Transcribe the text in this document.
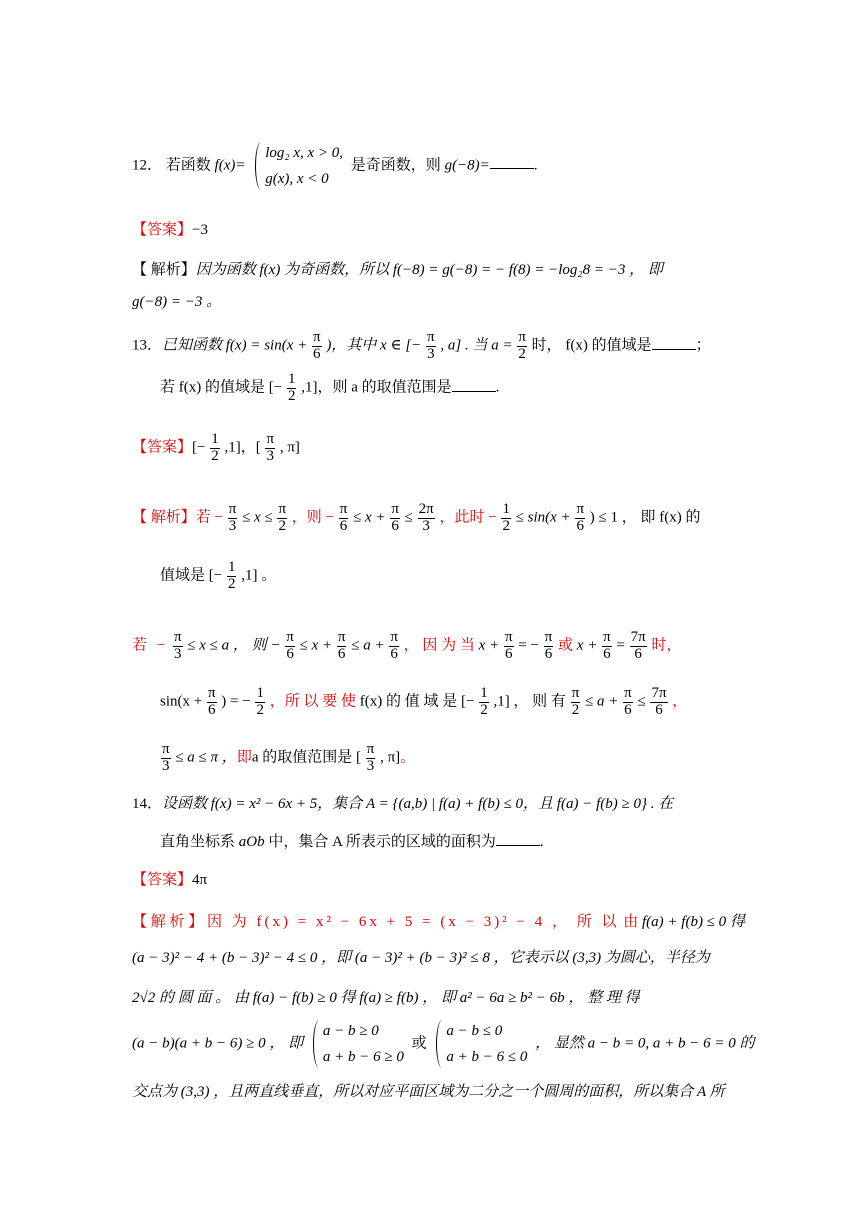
12． 若函数 f(x)=
log₂ x, x > 0,
g(x), x < 0
是奇函数，则 g(−8)=	.
【答案】−3
【 解析】因为函数 f(x) 为奇函数，所以 f(−8) = g(−8) = − f(8) = −log₂8 = −3 ， 即
g(−8) = −3 。
13．已知函数 $f(x) = \sin(x + \frac{\pi}{6}$ )，其中 x ∈ [− $\frac{\pi}{3}$ , a] . 当 $a = \frac{\pi}{2}$ 时， f(x) 的值域是	；
若 f(x) 的值域是 [− $\frac{1}{2} ,1$]，则 a 的取值范围是	.
【答案】[− $\frac{1}{2} ,1$]，[ $\frac{\pi}{3}$ , π]
【 解析】若 − $\frac{\pi}{3} \le x \le \frac{\pi}{2}$ ，则 − $\frac{\pi}{6} \le x + \frac{\pi}{6} \le \frac{2\pi}{3}$ ，此时 − $\frac{1}{2} \le \sin(x + \frac{\pi}{6}$ ) ≤ 1 ， 即 f(x) 的
值域是 [− $\frac{1}{2} ,1$] 。
若 − $\frac{\pi}{3} \le x \le a$ ， 则 − $\frac{\pi}{6} \le x + \frac{\pi}{6} \le a + \frac{\pi}{6}$ ， 因 为 当 $x + \frac{\pi}{6}$ = − $\frac{\pi}{6}$ 或 $x + \frac{\pi}{6} = \frac{7\pi}{6}$ 时，
$\sin(x + \frac{\pi}{6}$ ) = − $\frac{1}{2}$ ，所 以 要 使 f(x) 的 值 域 是 [− $\frac{1}{2} ,1$] ， 则 有 $\frac{\pi}{2} \le a + \frac{\pi}{6} \le \frac{7\pi}{6}$ ，
$\frac{\pi}{3} \le a \le \pi$ ，即a 的取值范围是 [ $\frac{\pi}{3}$ , π]。
14．设函数 f(x) = x² − 6x + 5，集合 A = {(a,b) | f(a) + f(b) ≤ 0，且 f(a) − f(b) ≥ 0} . 在
直角坐标系 aOb 中，集合 A 所表示的区域的面积为	.
【答案】4π
【 解 析 】 因 为 f(x) = x² − 6x + 5 = (x − 3)² − 4 ， 所 以 由 f(a) + f(b) ≤ 0 得
(a − 3)² − 4 + (b − 3)² − 4 ≤ 0 ，即 (a − 3)² + (b − 3)² ≤ 8 ，它表示以 (3,3) 为圆心，半径为
2√2 的 圆 面 。 由 f(a) − f(b) ≥ 0 得 f(a) ≥ f(b) ， 即 a² − 6a ≥ b² − 6b ， 整 理 得
(a − b)(a + b − 6) ≥ 0 ， 即
a − b ≥ 0
a + b − 6 ≥ 0
或
a − b ≤ 0
a + b − 6 ≤ 0
， 显然 a − b = 0, a + b − 6 = 0 的
交点为 (3,3) ，且两直线垂直，所以对应平面区域为二分之一个圆周的面积，所以集合 A 所
